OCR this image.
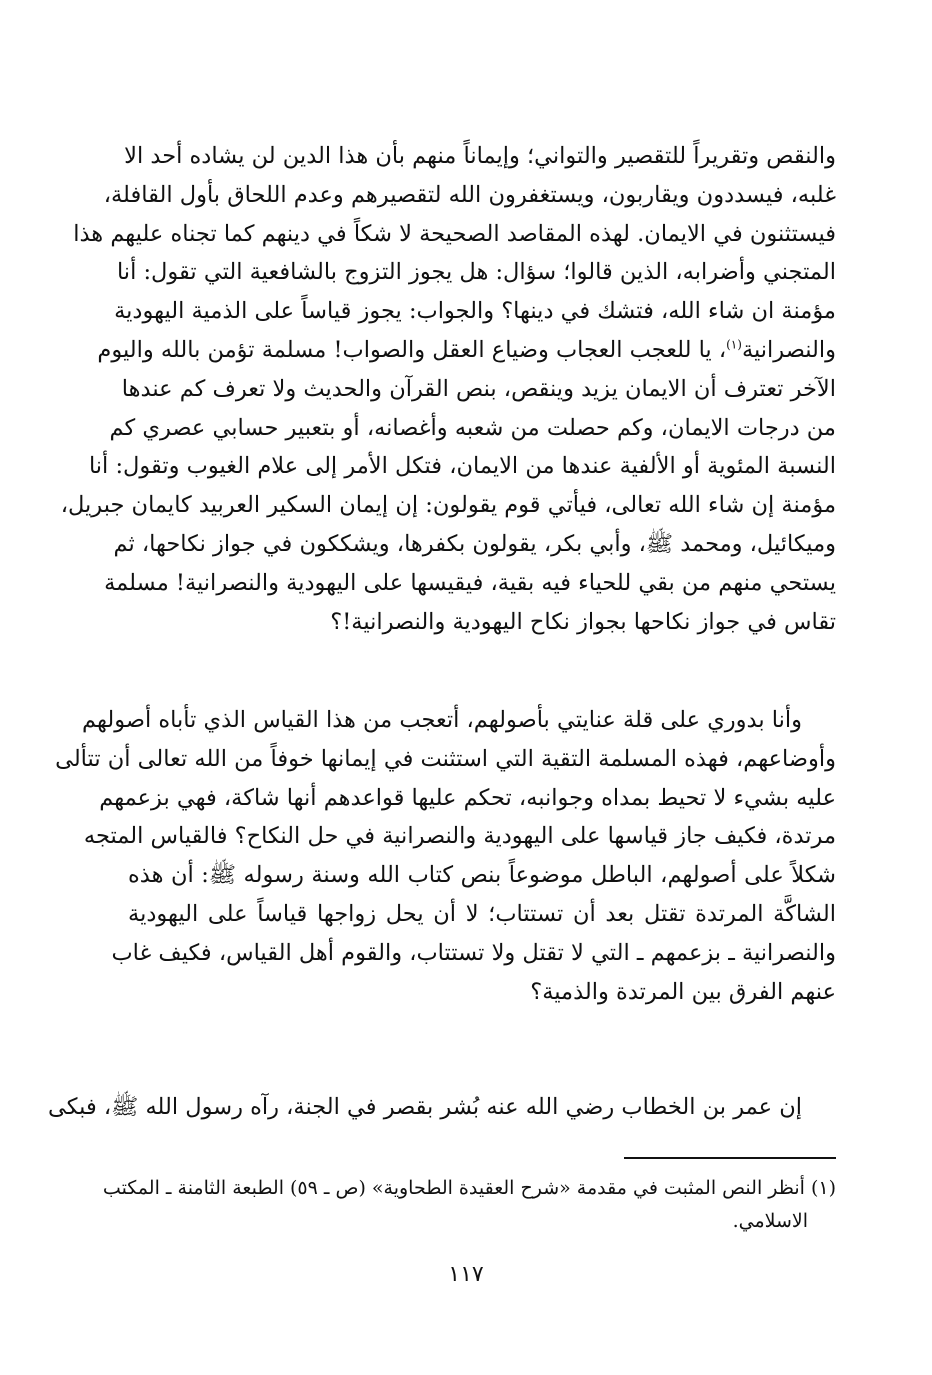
والنقص وتقريراً للتقصير والتواني؛ وإيماناً منهم بأن هذا الدين لن يشاده أحد الا
غلبه، فيسددون ويقاربون، ويستغفرون الله لتقصيرهم وعدم اللحاق بأول القافلة،
فيستثنون في الايمان. لهذه المقاصد الصحيحة لا شكاً في دينهم كما تجناه عليهم هذا
المتجني وأضرابه، الذين قالوا؛ سؤال: هل يجوز التزوج بالشافعية التي تقول: أنا
مؤمنة ان شاء الله، فتشك في دينها؟ والجواب: يجوز قياساً على الذمية اليهودية
والنصرانية$^{(١)}$، يا للعجب العجاب وضياع العقل والصواب! مسلمة تؤمن بالله واليوم
الآخر تعترف أن الايمان يزيد وينقص، بنص القرآن والحديث ولا تعرف كم عندها
من درجات الايمان، وكم حصلت من شعبه وأغصانه، أو بتعبير حسابي عصري كم
النسبة المئوية أو الألفية عندها من الايمان، فتكل الأمر إلى علام الغيوب وتقول: أنا
مؤمنة إن شاء الله تعالى، فيأتي قوم يقولون: إن إيمان السكير العربيد كايمان جبريل،
وميكائيل، ومحمد ﷺ، وأبي بكر، يقولون بكفرها، ويشككون في جواز نكاحها، ثم
يستحي منهم من بقي للحياء فيه بقية، فيقيسها على اليهودية والنصرانية! مسلمة
تقاس في جواز نكاحها بجواز نكاح اليهودية والنصرانية!؟
وأنا بدوري على قلة عنايتي بأصولهم، أتعجب من هذا القياس الذي تأباه أصولهم
وأوضاعهم، فهذه المسلمة التقية التي استثنت في إيمانها خوفاً من الله تعالى أن تتألى
عليه بشيء لا تحيط بمداه وجوانبه، تحكم عليها قواعدهم أنها شاكة، فهي بزعمهم
مرتدة، فكيف جاز قياسها على اليهودية والنصرانية في حل النكاح؟ فالقياس المتجه
شكلاً على أصولهم، الباطل موضوعاً بنص كتاب الله وسنة رسوله ﷺ: أن هذه
الشاكَّة المرتدة تقتل بعد أن تستتاب؛ لا أن يحل زواجها قياساً على اليهودية
والنصرانية ـ بزعمهم ـ التي لا تقتل ولا تستتاب، والقوم أهل القياس، فكيف غاب
عنهم الفرق بين المرتدة والذمية؟
إن عمر بن الخطاب رضي الله عنه بُشر بقصر في الجنة، رآه رسول الله ﷺ، فبكى
(١) أنظر النص المثبت في مقدمة «شرح العقيدة الطحاوية» (ص ـ ٥٩) الطبعة الثامنة ـ المكتب
الاسلامي.
١١٧
